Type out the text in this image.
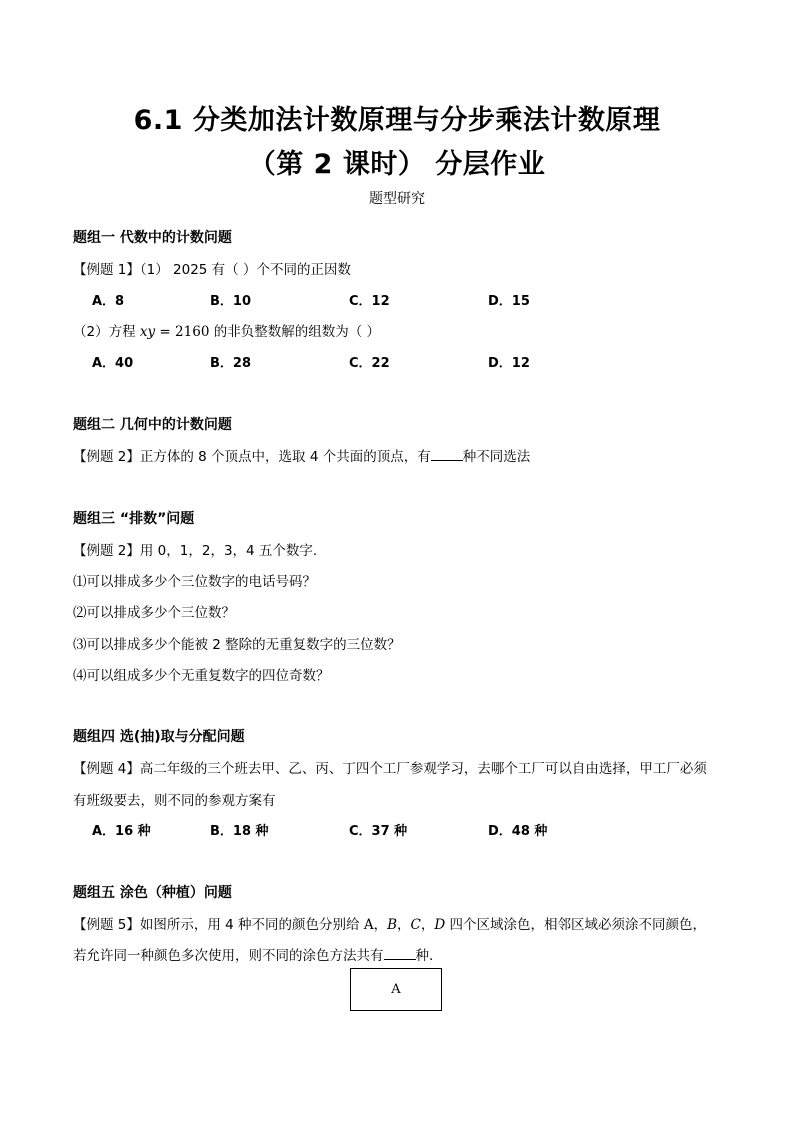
6.1 分类加法计数原理与分步乘法计数原理
（第 2 课时） 分层作业
题型研究
题组一 代数中的计数问题
【例题 1】（1） 2025 有（ ）个不同的正因数
A．8	B．10	C．12	D．15
（2）方程 xy = 2160 的非负整数解的组数为（ ）
A．40	B．28	C．22	D．12
题组二 几何中的计数问题
【例题 2】正方体的 8 个顶点中，选取 4 个共面的顶点，有 种不同选法
题组三 “排数”问题
【例题 2】用 0，1，2，3，4 五个数字.
⑴可以排成多少个三位数字的电话号码？
⑵可以排成多少个三位数？
⑶可以排成多少个能被 2 整除的无重复数字的三位数？
⑷可以组成多少个无重复数字的四位奇数？
题组四 选(抽)取与分配问题
【例题 4】高二年级的三个班去甲、乙、丙、丁四个工厂参观学习，去哪个工厂可以自由选择，甲工厂必须
有班级要去，则不同的参观方案有
A．16 种	B．18 种	C．37 种	D．48 种
题组五 涂色（种植）问题
【例题 5】如图所示，用 4 种不同的颜色分别给 A，B，C，D 四个区域涂色，相邻区域必须涂不同颜色，
若允许同一种颜色多次使用，则不同的涂色方法共有 种.
A
